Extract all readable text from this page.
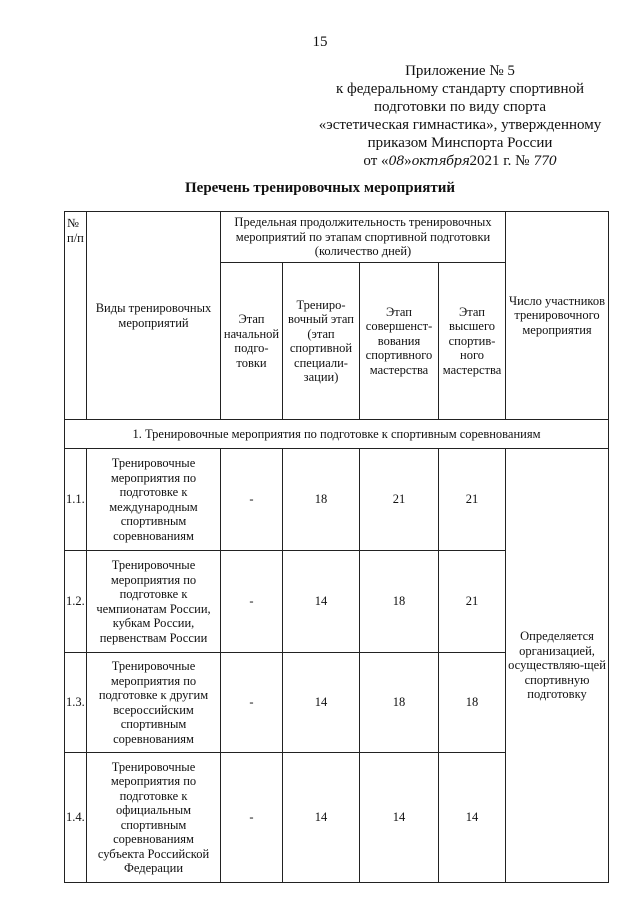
15
Приложение № 5
к федеральному стандарту спортивной
подготовки по виду спорта
«эстетическая гимнастика», утвержденному
приказом Минспорта России
от «08»октября2021 г. № 770
Перечень тренировочных мероприятий
№ п/п	Виды тренировочных мероприятий	Предельная продолжительность тренировочных мероприятий по этапам спортивной подготовки (количество дней)				Число участников тренировочного мероприятия
		Этап начальной подго-товки	Трениро-вочный этап (этап спортивной специали-зации)	Этап совершенст-вования спортивного мастерства	Этап высшего спортив-ного мастерства	
1. Тренировочные мероприятия по подготовке к спортивным соревнованиям						
1.1.	Тренировочные мероприятия по подготовке к международным спортивным соревнованиям	-	18	21	21	Определяется организацией, осуществляю-щей спортивную подготовку
1.2.	Тренировочные мероприятия по подготовке к чемпионатам России, кубкам России, первенствам России	-	14	18	21	
1.3.	Тренировочные мероприятия по подготовке к другим всероссийским спортивным соревнованиям	-	14	18	18	
1.4.	Тренировочные мероприятия по подготовке к официальным спортивным соревнованиям субъекта Российской Федерации	-	14	14	14	
